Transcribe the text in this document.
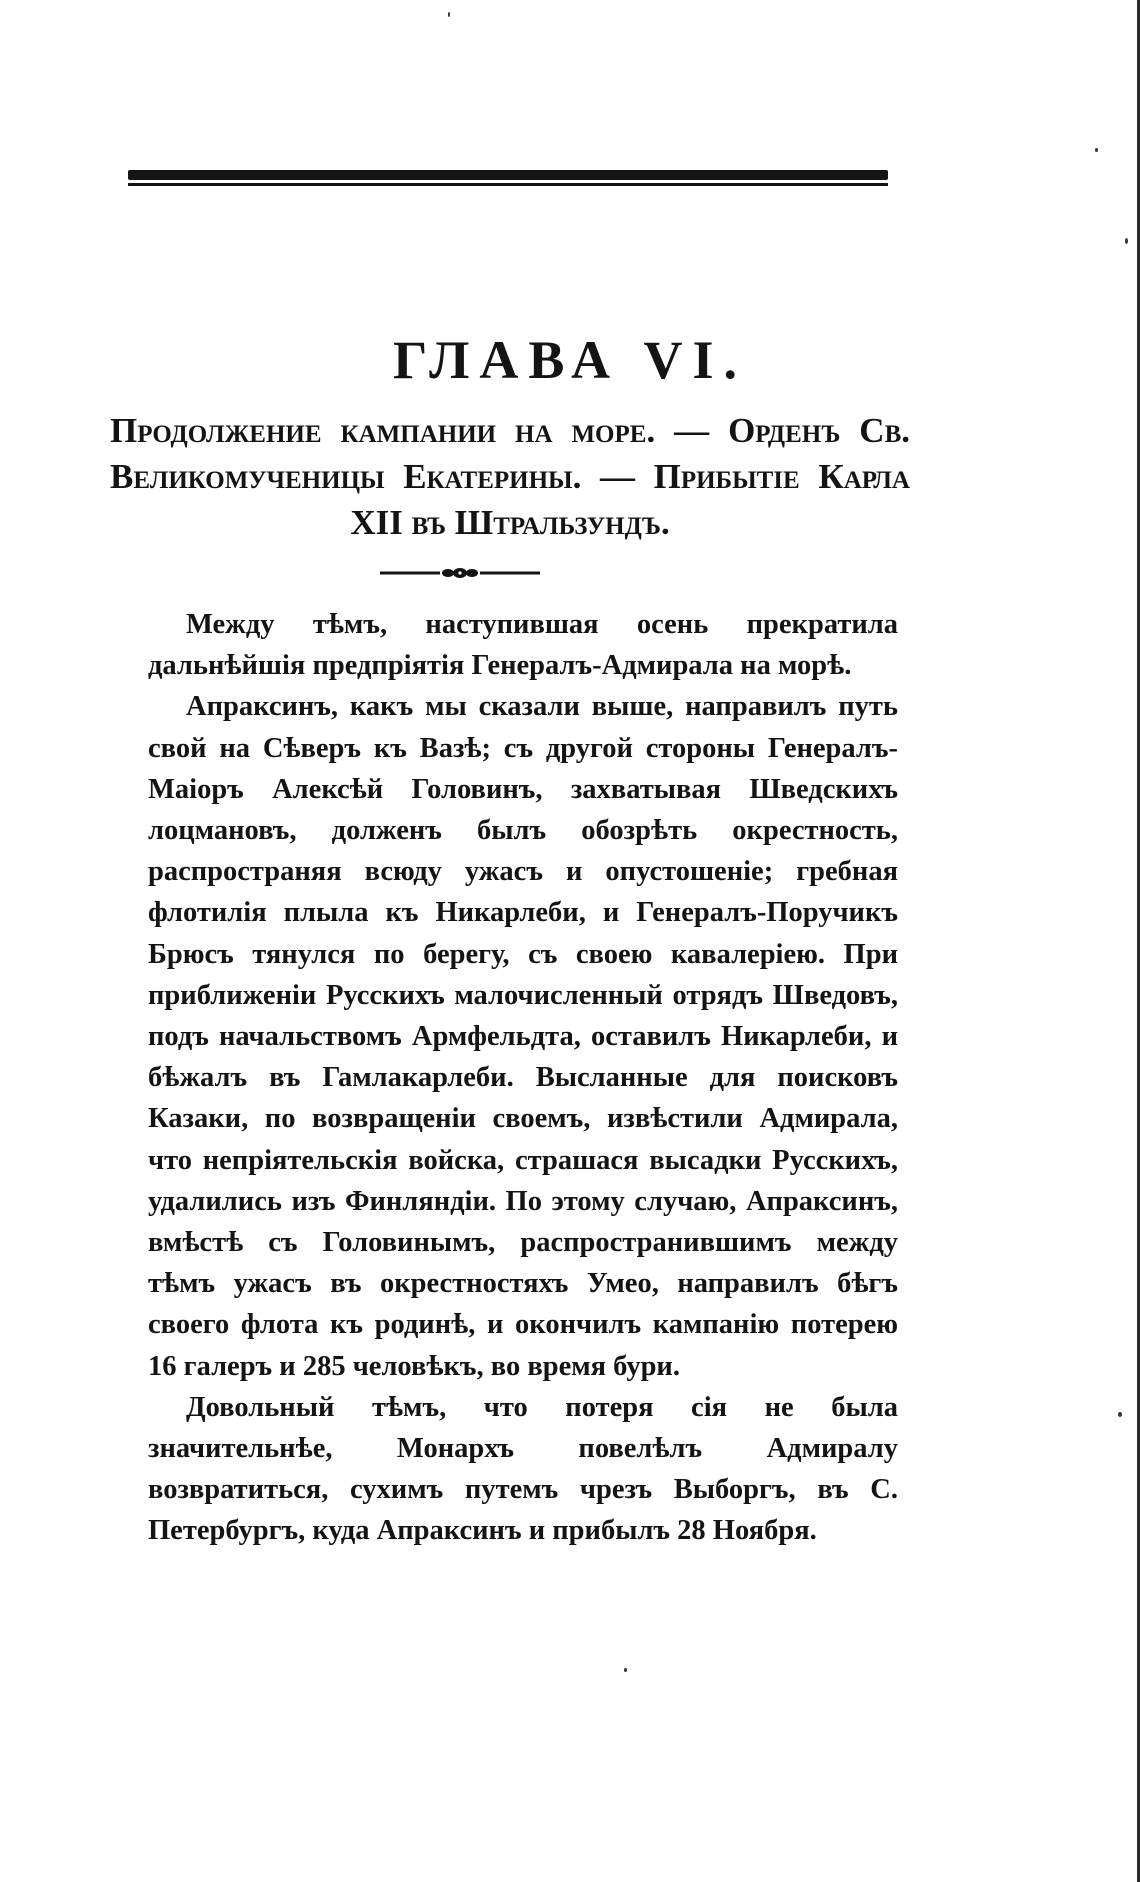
ГЛАВА VI.
Продолжение кампании на море. — Орденъ Св. Великомученицы Екатерины. — Прибытіе Карла XII въ Штральзундъ.

Между тѣмъ, наступившая осень прекратила дальнѣйшія предпріятія Генералъ-Адмирала на морѣ.

Апраксинъ, какъ мы сказали выше, направилъ путь свой на Сѣверъ къ Вазѣ; съ другой стороны Генералъ-Маіоръ Алексѣй Головинъ, захватывая Шведскихъ лоцмановъ, долженъ былъ обозрѣть окрестность, распространяя всюду ужасъ и опустошеніе; гребная флотилія плыла къ Никарлеби, и Генералъ-Поручикъ Брюсъ тянулся по берегу, съ своею кавалеріею. При приближеніи Русскихъ малочисленный отрядъ Шведовъ, подъ начальствомъ Армфельдта, оставилъ Никарлеби, и бѣжалъ въ Гамлакарлеби. Высланные для поисковъ Казаки, по возвращеніи своемъ, извѣстили Адмирала, что непріятельскія войска, страшася высадки Русскихъ, удалились изъ Финляндіи. По этому случаю, Апраксинъ, вмѣстѣ съ Головинымъ, распространившимъ между тѣмъ ужасъ въ окрестностяхъ Умео, направилъ бѣгъ своего флота къ родинѣ, и окончилъ кампанію потерею 16 галеръ и 285 человѣкъ, во время бури.

Довольный тѣмъ, что потеря сія не была значительнѣе, Монархъ повелѣлъ Адмиралу возвратиться, сухимъ путемъ чрезъ Выборгъ, въ С. Петербургъ, куда Апраксинъ и прибылъ 28 Ноября.
